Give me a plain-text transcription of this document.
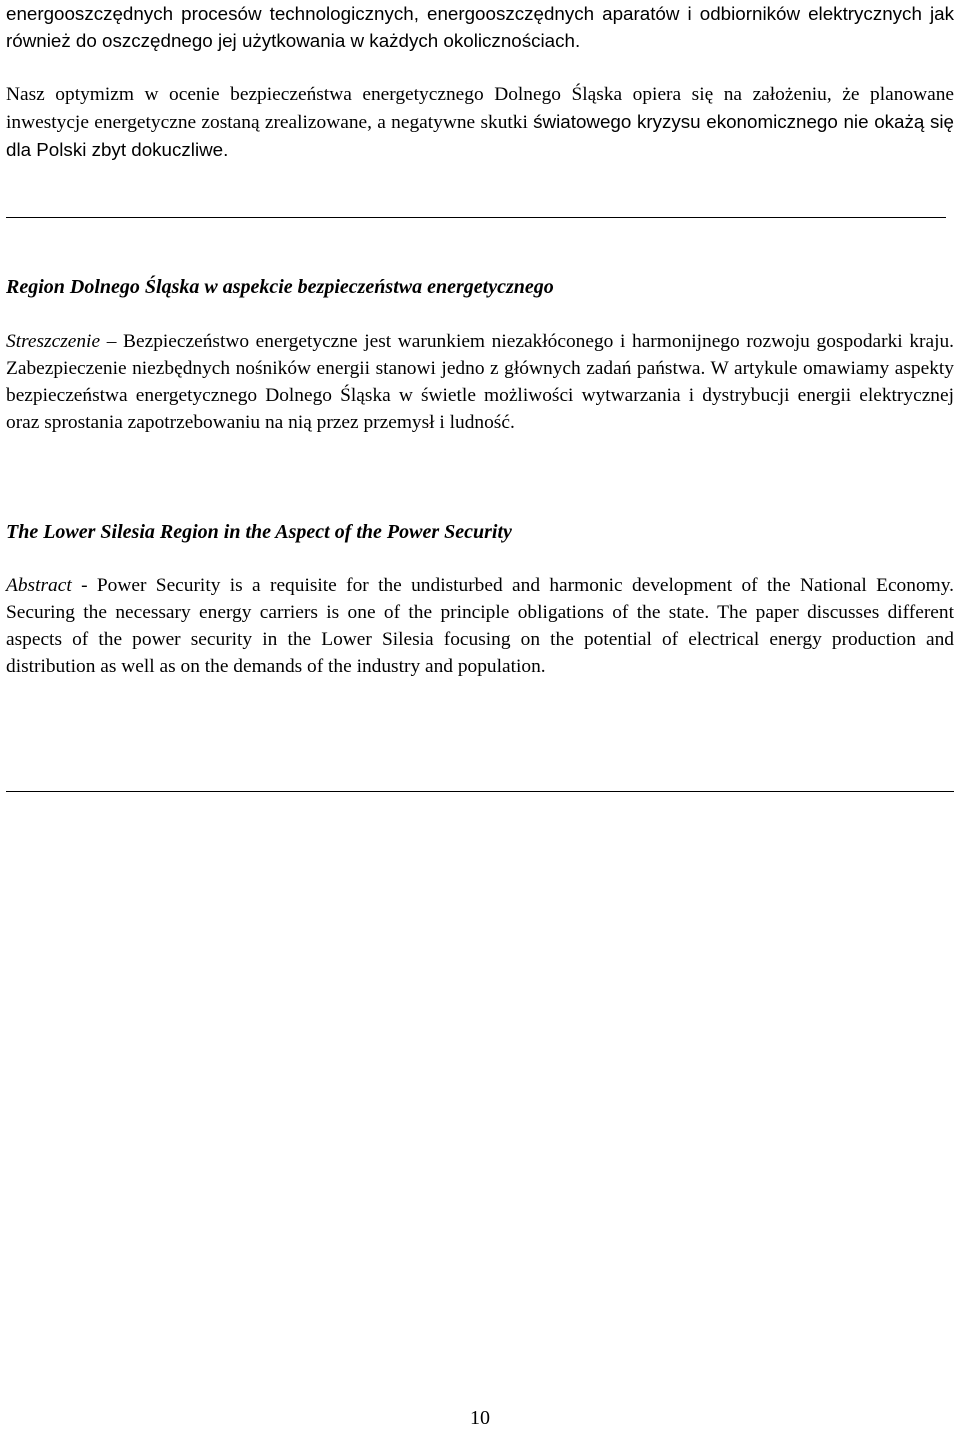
energooszczędnych procesów technologicznych, energooszczędnych aparatów i odbiorników elektrycznych jak również do oszczędnego jej użytkowania w każdych okolicznościach.

Nasz optymizm w ocenie bezpieczeństwa energetycznego Dolnego Śląska opiera się na założeniu, że planowane inwestycje energetyczne zostaną zrealizowane, a negatywne skutki światowego kryzysu ekonomicznego nie okażą się dla Polski zbyt dokuczliwe.

Region Dolnego Śląska w aspekcie bezpieczeństwa energetycznego

Streszczenie – Bezpieczeństwo energetyczne jest warunkiem niezakłóconego i harmonijnego rozwoju gospodarki kraju. Zabezpieczenie niezbędnych nośników energii stanowi jedno z głównych zadań państwa. W artykule omawiamy aspekty bezpieczeństwa energetycznego Dolnego Śląska w świetle możliwości wytwarzania i dystrybucji energii elektrycznej oraz sprostania zapotrzebowaniu na nią przez przemysł i ludność.

The Lower Silesia Region in the Aspect of the Power Security

Abstract - Power Security is a requisite for the undisturbed and harmonic development of the National Economy. Securing the necessary energy carriers is one of the principle obligations of the state. The paper discusses different aspects of the power security in the Lower Silesia focusing on the potential of electrical energy production and distribution as well as on the demands of the industry and population.

10
